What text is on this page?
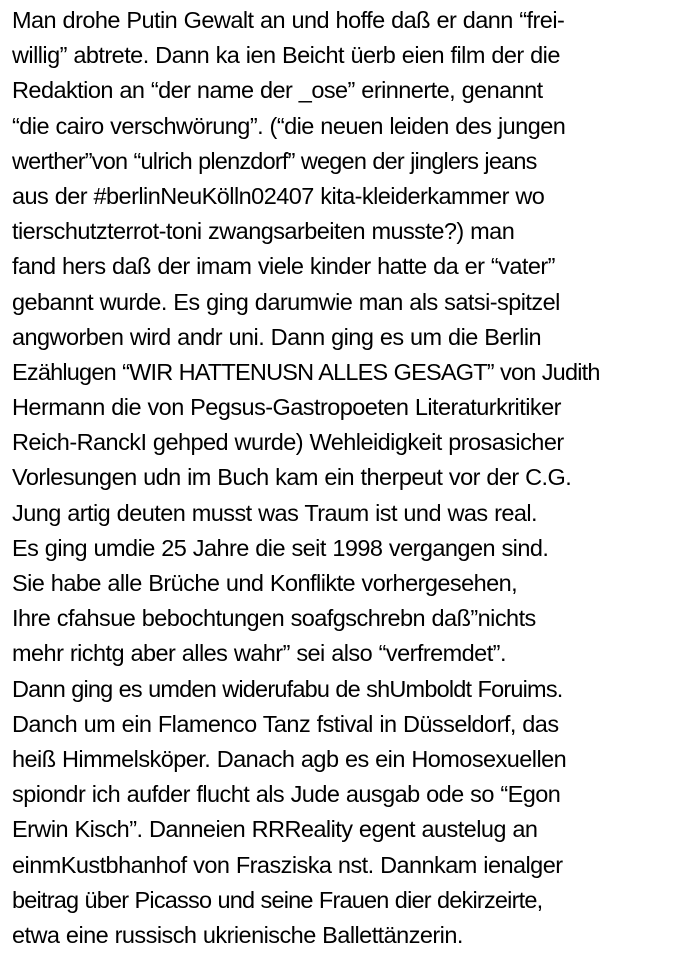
Man drohe Putin Gewalt an und hoffe daß er dann “frei-
willig” abtrete. Dann ka ien Beicht üerb eien film der die
Redaktion an “der name der _ose” erinnerte, genannt
“die cairo verschwörung”. (“die neuen leiden des jungen
werther”von “ulrich plenzdorf” wegen der jinglers jeans
aus der #berlinNeuKölln02407 kita-kleiderkammer wo
tierschutzterrot-toni zwangsarbeiten musste?) man
fand hers daß der imam viele kinder hatte da er “vater”
gebannt wurde. Es ging darumwie man als satsi-spitzel
angworben wird andr uni. Dann ging es um die Berlin
Ezählugen “WIR HATTENUSN ALLES GESAGT” von Judith
Hermann die von Pegsus-Gastropoeten Literaturkritiker
Reich-RanckI gehped wurde) Wehleidigkeit prosasicher
Vorlesungen udn im Buch kam ein therpeut vor der C.G.
Jung artig deuten musst was Traum ist und was real.
Es ging umdie 25 Jahre die seit 1998 vergangen sind.
Sie habe alle Brüche und Konflikte vorhergesehen,
Ihre cfahsue bebochtungen soafgschrebn daß”nichts
mehr richtg aber alles wahr” sei also “verfremdet”.
Dann ging es umden widerufabu de shUmboldt Foruims.
Danch um ein Flamenco Tanz fstival in Düsseldorf, das
heiß Himmelsköper. Danach agb es ein Homosexuellen
spiondr ich aufder flucht als Jude ausgab ode so “Egon
Erwin Kisch”. Danneien RRReality egent austelug an
einmKustbhanhof von Frasziska nst. Dannkam ienalger
beitrag über Picasso und seine Frauen dier dekirzeirte,
etwa eine russisch ukrienische Ballettänzerin.
